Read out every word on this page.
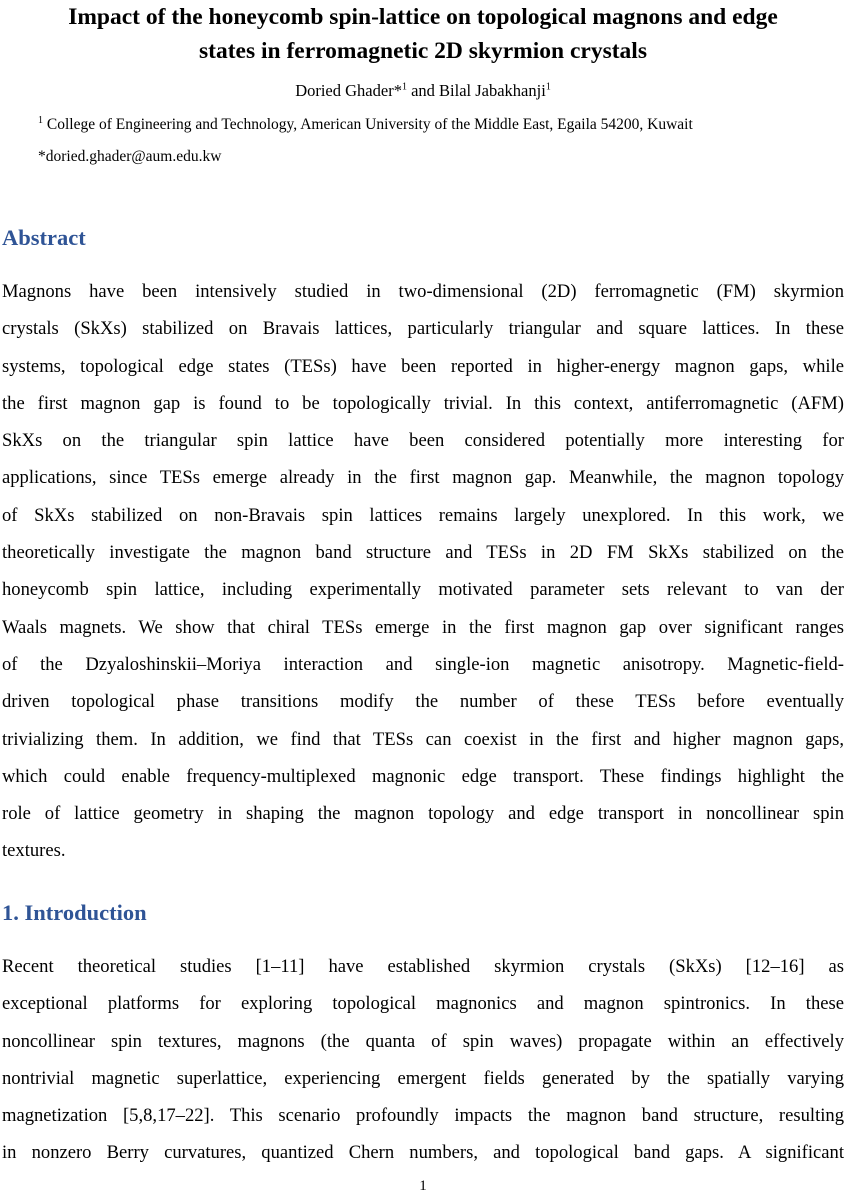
Impact of the honeycomb spin-lattice on topological magnons and edge
states in ferromagnetic 2D skyrmion crystals
Doried Ghader*$^1$ and Bilal Jabakhanji$^1$
$^1$ College of Engineering and Technology, American University of the Middle East, Egaila 54200, Kuwait
*doried.ghader@aum.edu.kw
Abstract
Magnons have been intensively studied in two-dimensional (2D) ferromagnetic (FM) skyrmion
crystals (SkXs) stabilized on Bravais lattices, particularly triangular and square lattices. In these
systems, topological edge states (TESs) have been reported in higher-energy magnon gaps, while
the first magnon gap is found to be topologically trivial. In this context, antiferromagnetic (AFM)
SkXs on the triangular spin lattice have been considered potentially more interesting for
applications, since TESs emerge already in the first magnon gap. Meanwhile, the magnon topology
of SkXs stabilized on non-Bravais spin lattices remains largely unexplored. In this work, we
theoretically investigate the magnon band structure and TESs in 2D FM SkXs stabilized on the
honeycomb spin lattice, including experimentally motivated parameter sets relevant to van der
Waals magnets. We show that chiral TESs emerge in the first magnon gap over significant ranges
of the Dzyaloshinskii–Moriya interaction and single-ion magnetic anisotropy. Magnetic-field-
driven topological phase transitions modify the number of these TESs before eventually
trivializing them. In addition, we find that TESs can coexist in the first and higher magnon gaps,
which could enable frequency-multiplexed magnonic edge transport. These findings highlight the
role of lattice geometry in shaping the magnon topology and edge transport in noncollinear spin
textures.
1. Introduction
Recent theoretical studies [1–11] have established skyrmion crystals (SkXs) [12–16] as
exceptional platforms for exploring topological magnonics and magnon spintronics. In these
noncollinear spin textures, magnons (the quanta of spin waves) propagate within an effectively
nontrivial magnetic superlattice, experiencing emergent fields generated by the spatially varying
magnetization [5,8,17–22]. This scenario profoundly impacts the magnon band structure, resulting
in nonzero Berry curvatures, quantized Chern numbers, and topological band gaps. A significant
1
